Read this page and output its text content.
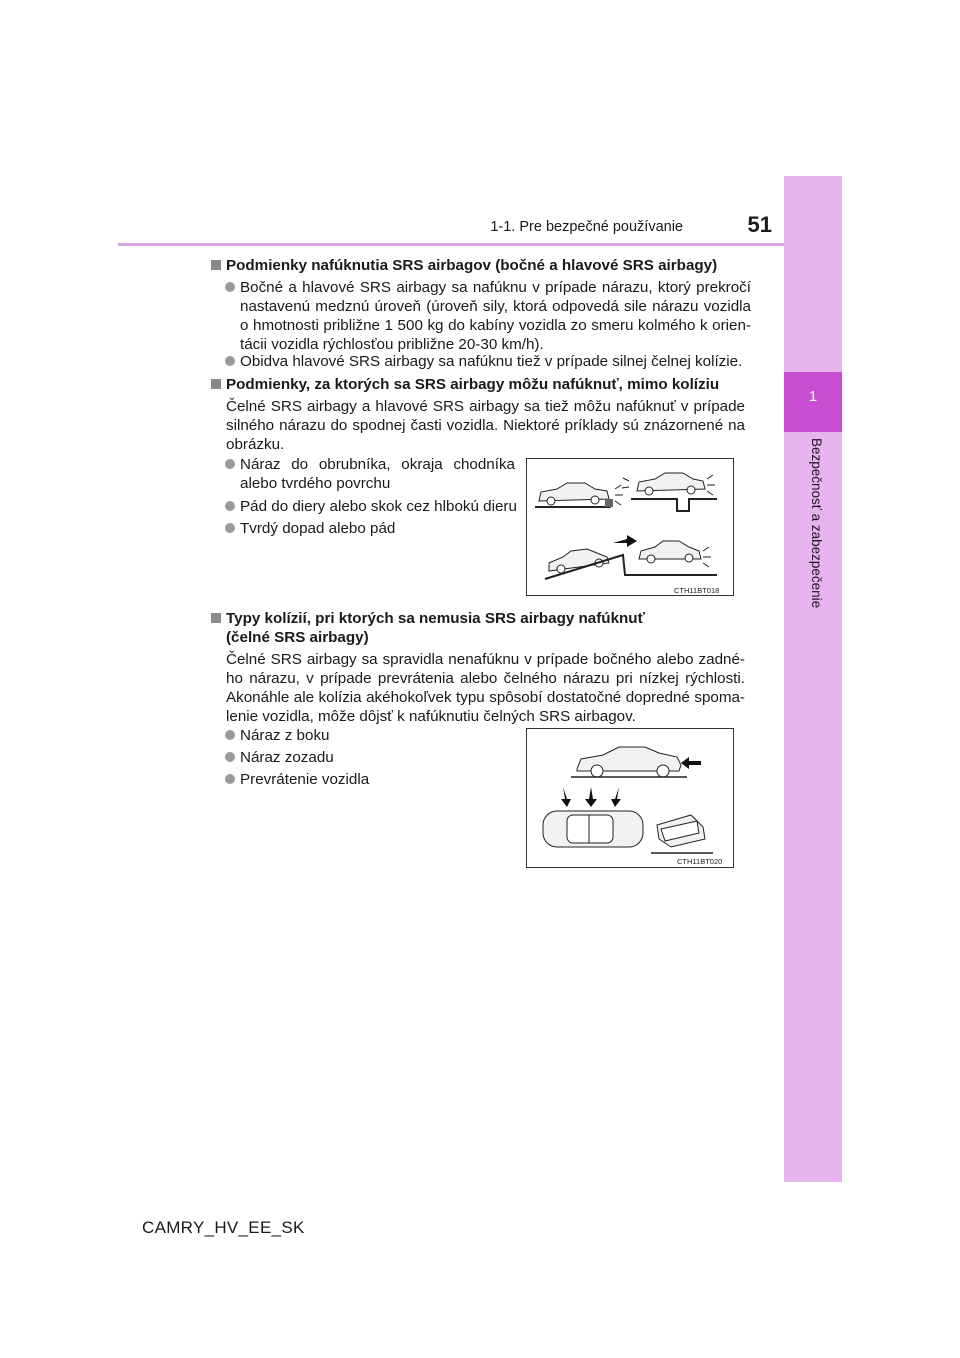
1
Bezpečnosť a zabezpečenie
1-1. Pre bezpečné používanie	51
Podmienky nafúknutia SRS airbagov (bočné a hlavové SRS airbagy)
Bočné a hlavové SRS airbagy sa nafúknu v prípade nárazu, ktorý prekročí nastavenú medznú úroveň (úroveň sily, ktorá odpovedá sile nárazu vozidla o hmotnosti približne 1 500 kg do kabíny vozidla zo smeru kolmého k orien-tácii vozidla rýchlosťou približne 20-30 km/h).
Obidva hlavové SRS airbagy sa nafúknu tiež v prípade silnej čelnej kolízie.
Podmienky, za ktorých sa SRS airbagy môžu nafúknuť, mimo kolíziu
Čelné SRS airbagy a hlavové SRS airbagy sa tiež môžu nafúknuť v prípade silného nárazu do spodnej časti vozidla. Niektoré príklady sú znázornené na obrázku.
Náraz do obrubníka, okraja chodníka alebo tvrdého povrchu
Pád do diery alebo skok cez hlbokú dieru
Tvrdý dopad alebo pád
CTH11BT018
Typy kolízií, pri ktorých sa nemusia SRS airbagy nafúknuť
(čelné SRS airbagy)
Čelné SRS airbagy sa spravidla nenafúknu v prípade bočného alebo zadné-ho nárazu, v prípade prevrátenia alebo čelného nárazu pri nízkej rýchlosti. Akonáhle ale kolízia akéhokoľvek typu spôsobí dostatočné dopredné spoma-lenie vozidla, môže dôjsť k nafúknutiu čelných SRS airbagov.
Náraz z boku
Náraz zozadu
Prevrátenie vozidla
CTH11BT020
CAMRY_HV_EE_SK
